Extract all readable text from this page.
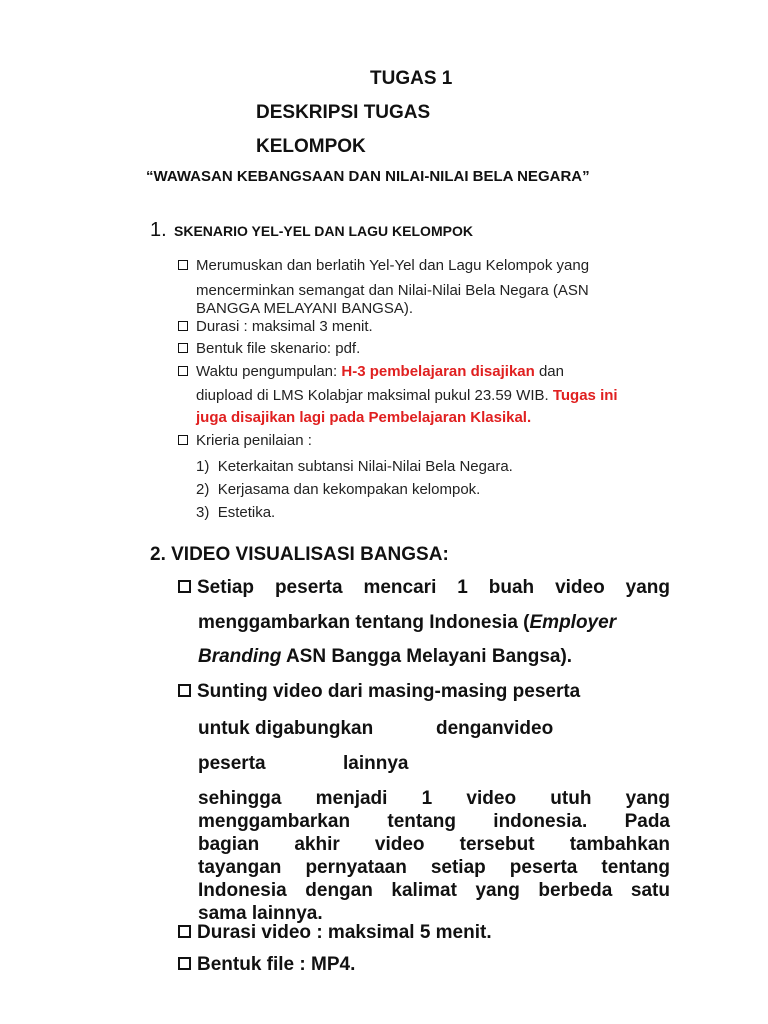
TUGAS 1
DESKRIPSI TUGAS
KELOMPOK
“WAWASAN KEBANGSAAN DAN NILAI-NILAI BELA NEGARA”
1. SKENARIO YEL-YEL DAN LAGU KELOMPOK
Merumuskan dan berlatih Yel-Yel dan Lagu Kelompok yang
mencerminkan semangat dan Nilai-Nilai Bela Negara (ASN
BANGGA MELAYANI BANGSA).
Durasi : maksimal 3 menit.
Bentuk file skenario: pdf.
Waktu pengumpulan: H-3 pembelajaran disajikan dan
diupload di LMS Kolabjar maksimal pukul 23.59 WIB. Tugas ini
juga disajikan lagi pada Pembelajaran Klasikal.
Krieria penilaian :
1) Keterkaitan subtansi Nilai-Nilai Bela Negara.
2) Kerjasama dan kekompakan kelompok.
3) Estetika.
2. VIDEO VISUALISASI BANGSA:
Setiap peserta mencari 1 buah video yang
menggambarkan tentang Indonesia (Employer
Branding ASN Bangga Melayani Bangsa).
Sunting video dari masing-masing peserta
untuk digabungkan	denganvideo
peserta	lainnya
sehingga menjadi 1 video utuh yang
menggambarkan tentang indonesia. Pada
bagian akhir video tersebut tambahkan
tayangan pernyataan setiap peserta tentang
Indonesia dengan kalimat yang berbeda satu
sama lainnya.
Durasi video : maksimal 5 menit.
Bentuk file : MP4.
